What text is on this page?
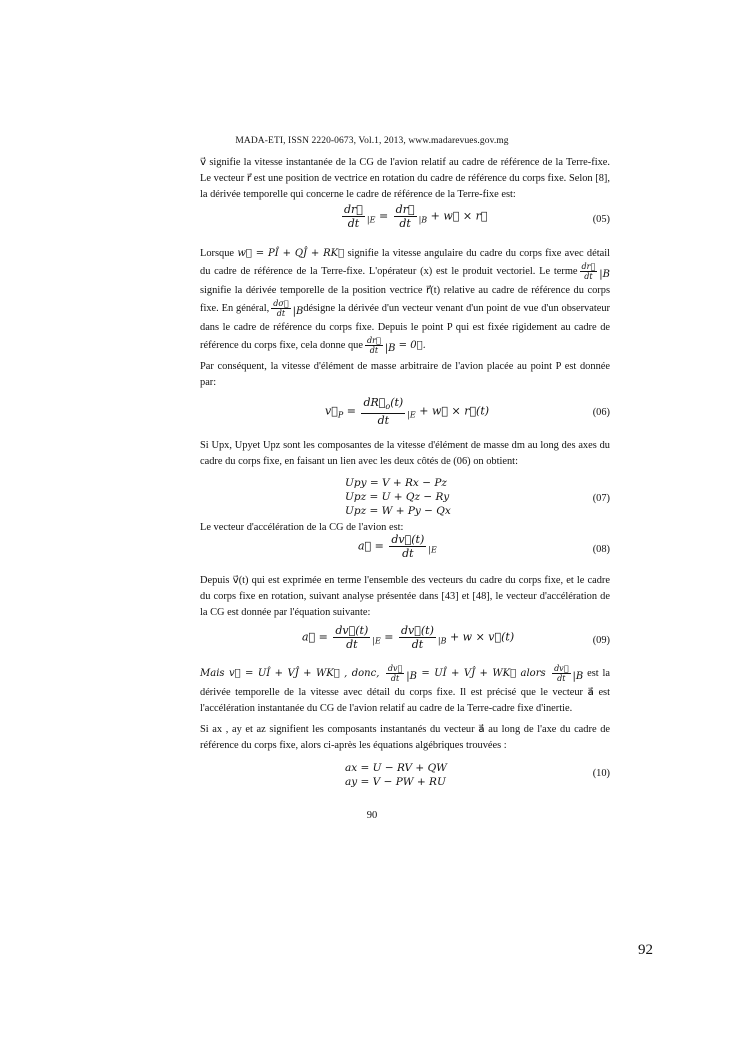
MADA-ETI, ISSN 2220-0673, Vol.1, 2013, www.madarevues.gov.mg
v⃗ signifie la vitesse instantanée de la CG de l'avion relatif au cadre de référence de la Terre-fixe. Le vecteur r⃗ est une position de vectrice en rotation du cadre de référence du corps fixe. Selon [8], la dérivée temporelle qui concerne le cadre de référence de la Terre-fixe est:
$\frac{dr⃗}{dt} _{|E} = \frac{dr⃗}{dt} _{|B}$ + w⃗ × r⃗	(05)
Lorsque w⃗ = PÎ + QĴ + RK⃗ signifie la vitesse angulaire du cadre du corps fixe avec détail du cadre de référence de la Terre-fixe. L'opérateur (x) est le produit vectoriel. Le terme $\frac{dr⃗}{dt} |B$ signifie la dérivée temporelle de la position vectrice r⃗(t) relative au cadre de référence du corps fixe. En général, $\frac{d\sigma⃗}{dt}$ |Bdésigne la dérivée d'un vecteur venant d'un point de vue d'un observateur dans le cadre de référence du corps fixe. Depuis le point P qui est fixée rigidement au cadre de référence du corps fixe, cela donne que $\frac{dr⃗}{dt} |B$ = 0⃗.
Par conséquent, la vitesse d'élément de masse arbitraire de l'avion placée au point P est donnée par:
$v⃗_P = \frac{dR⃗_o(t)}{dt} _{|E}$ + w⃗ × r⃗(t)	(06)
Si Upx, Upyet Upz sont les composantes de la vitesse d'élément de masse dm au long des axes du cadre du corps fixe, en faisant un lien avec les deux côtés de (06) on obtient:
Upy = V + Rx − Pz
Upz = U + Qz − Ry
Upz = W + Py − Qx
(07)
Le vecteur d'accélération de la CG de l'avion est:
a⃗ = $\frac{dv⃗(t)}{dt} _{|E}$	(08)
Depuis v⃗(t) qui est exprimée en terme l'ensemble des vecteurs du cadre du corps fixe, et le cadre du corps fixe en rotation, suivant analyse présentée dans [43] et [48], le vecteur d'accélération de la CG est donnée par l'équation suivante:
a⃗ = $\frac{dv⃗(t)}{dt} _{|E} = \frac{dv⃗(t)}{dt} _{|B} + w$ × v⃗(t)	(09)
Mais v⃗ = UÎ + VĴ + WK⃗ , donc, $\frac{dv⃗}{dt} |B$ = UÎ + VĴ + WK⃗ alors $\frac{dv⃗}{dt} |B$ est la dérivée temporelle de la vitesse avec détail du corps fixe. Il est précisé que le vecteur a⃗ est l'accélération instantanée du CG de l'avion relatif au cadre de la Terre-cadre fixe d'inertie.
Si ax , ay et az signifient les composants instantanés du vecteur a⃗ au long de l'axe du cadre de référence du corps fixe, alors ci-après les équations algébriques trouvées :
ax = U − RV + QW
ay = V − PW + RU
(10)
90
92
